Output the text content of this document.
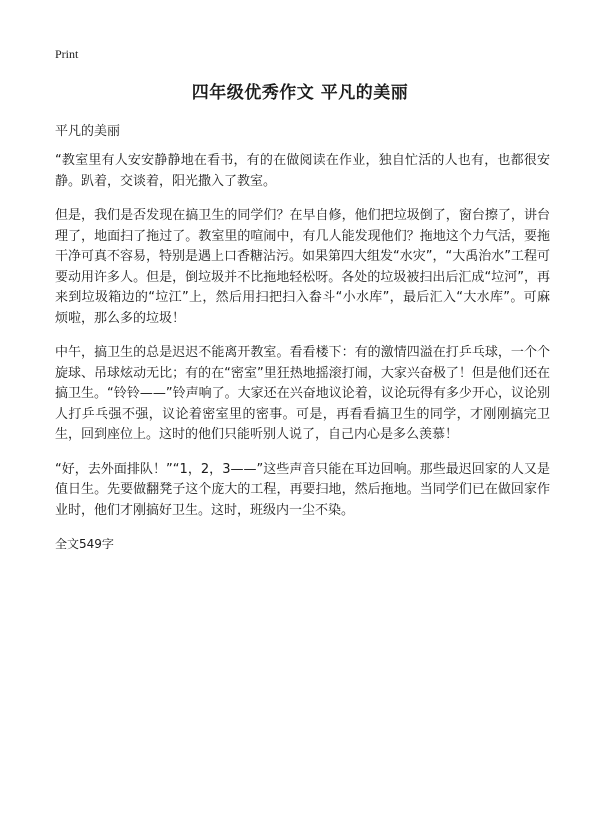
Print
四年级优秀作文 平凡的美丽

平凡的美丽

“教室里有人安安静静地在看书，有的在做阅读在作业，独自忙活的人也有，也都很安静。趴着，交谈着，阳光撒入了教室。

但是，我们是否发现在搞卫生的同学们？在早自修，他们把垃圾倒了，窗台擦了，讲台理了，地面扫了拖过了。教室里的喧闹中，有几人能发现他们？拖地这个力气活，要拖干净可真不容易，特别是遇上口香糖沾污。如果第四大组发“水灾”，“大禹治水”工程可要动用许多人。但是，倒垃圾并不比拖地轻松呀。各处的垃圾被扫出后汇成“垃河”，再来到垃圾箱边的“垃江”上，然后用扫把扫入畚斗“小水库”，最后汇入“大水库”。可麻烦啦，那么多的垃圾！

中午，搞卫生的总是迟迟不能离开教室。看看楼下：有的激情四溢在打乒乓球，一个个旋球、吊球炫动无比；有的在“密室”里狂热地摇滚打闹，大家兴奋极了！但是他们还在搞卫生。“铃铃——”铃声响了。大家还在兴奋地议论着，议论玩得有多少开心，议论别人打乒乓强不强，议论着密室里的密事。可是，再看看搞卫生的同学，才刚刚搞完卫生，回到座位上。这时的他们只能听别人说了，自己内心是多么羡慕！

“好，去外面排队！”“1，2，3——”这些声音只能在耳边回响。那些最迟回家的人又是值日生。先要做翻凳子这个庞大的工程，再要扫地，然后拖地。当同学们已在做回家作业时，他们才刚搞好卫生。这时，班级内一尘不染。

全文549字
